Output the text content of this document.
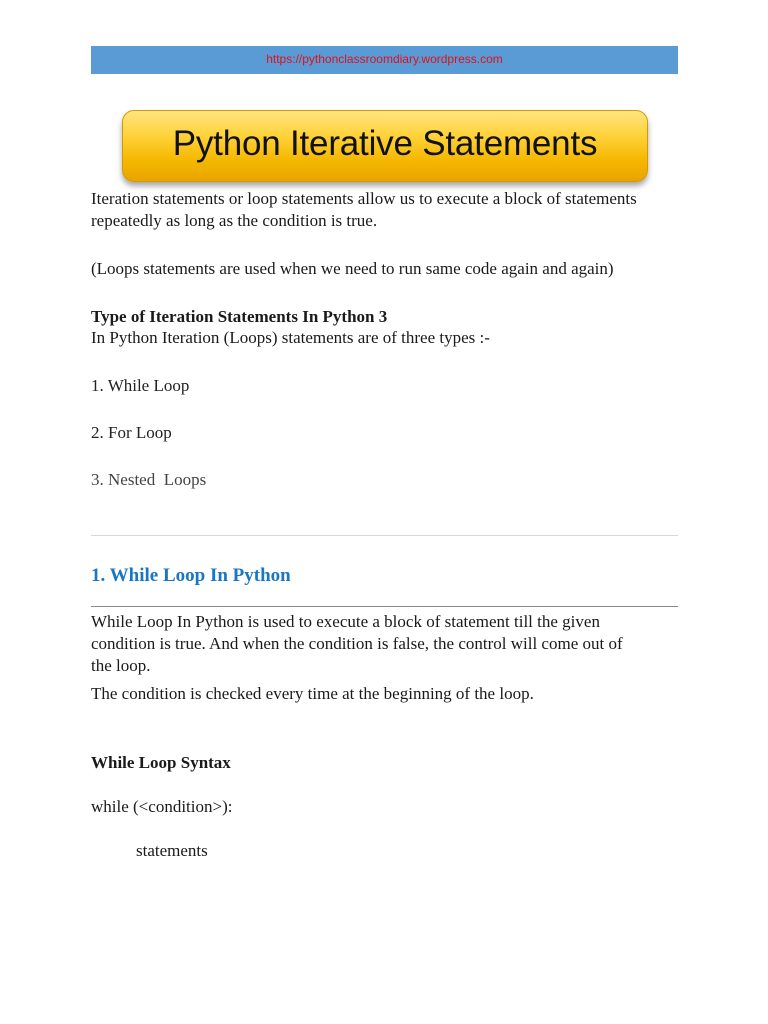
https://pythonclassroomdiary.wordpress.com
Python Iterative Statements
Iteration statements or loop statements allow us to execute a block of statements
repeatedly as long as the condition is true.
(Loops statements are used when we need to run same code again and again)
Type of Iteration Statements In Python 3
In Python Iteration (Loops) statements are of three types :-
1. While Loop
2. For Loop
3. Nested  Loops
1. While Loop In Python
While Loop In Python is used to execute a block of statement till the given
condition is true. And when the condition is false, the control will come out of
the loop.
The condition is checked every time at the beginning of the loop.
While Loop Syntax
while (<condition>):
statements
